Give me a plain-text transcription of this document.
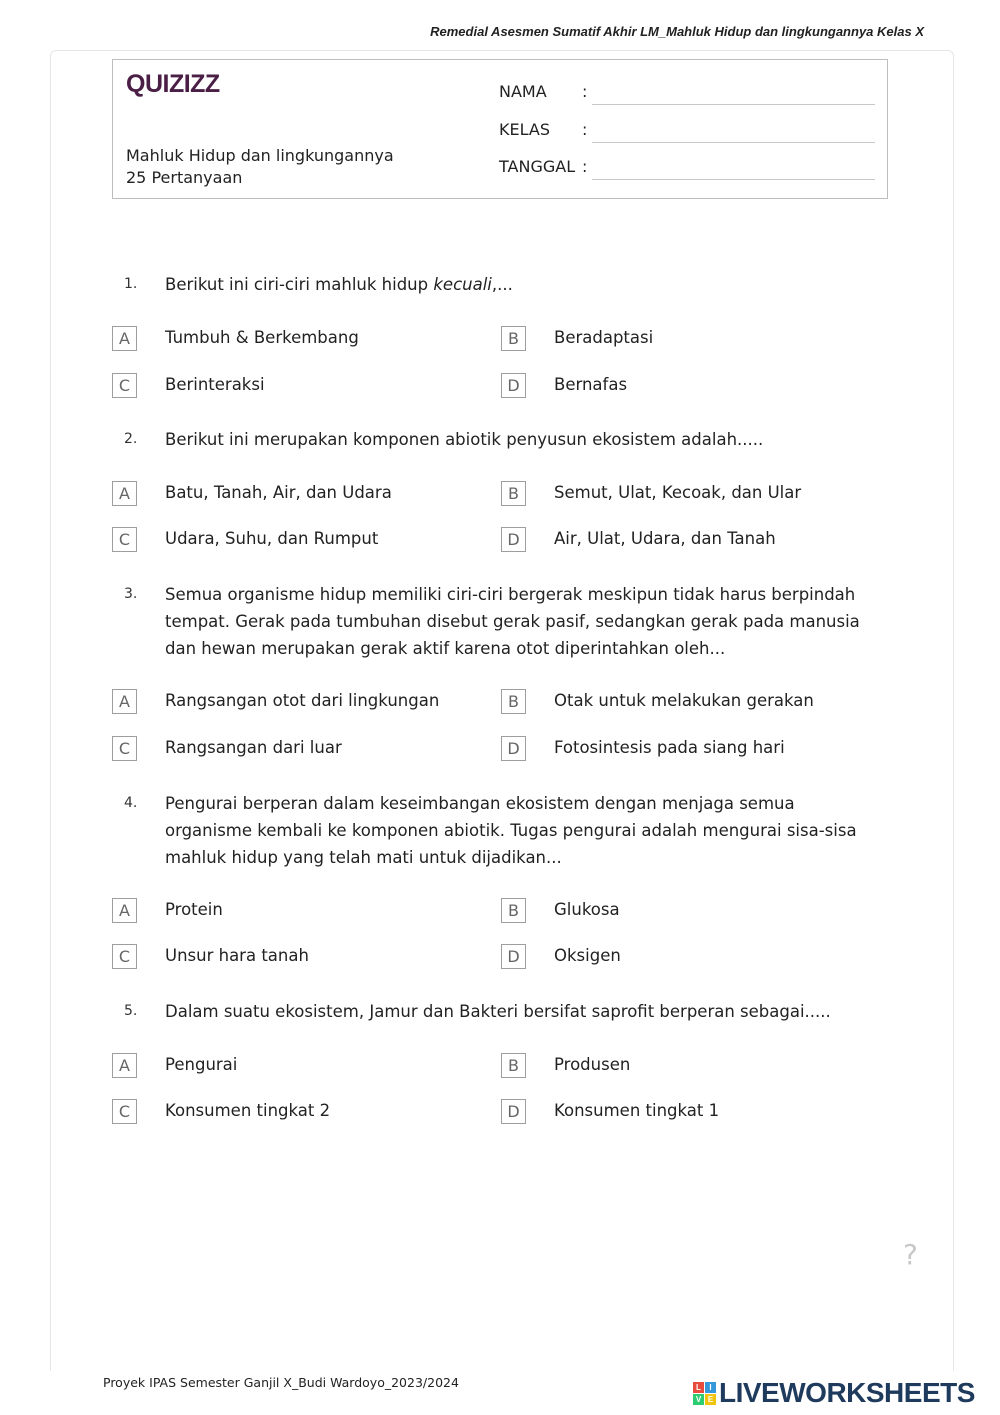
Remedial Asesmen Sumatif Akhir LM_Mahluk Hidup dan lingkungannya Kelas X
QUIZIZZ
Mahluk Hidup dan lingkungannya
25 Pertanyaan
NAMA :
KELAS :
TANGGAL :
1. Berikut ini ciri-ciri mahluk hidup kecuali,...
A	Tumbuh & Berkembang	B	Beradaptasi
C	Berinteraksi	D	Bernafas
2. Berikut ini merupakan komponen abiotik penyusun ekosistem adalah.....
A	Batu, Tanah, Air, dan Udara	B	Semut, Ulat, Kecoak, dan Ular
C	Udara, Suhu, dan Rumput	D	Air, Ulat, Udara, dan Tanah
3. Semua organisme hidup memiliki ciri-ciri bergerak meskipun tidak harus berpindah tempat. Gerak pada tumbuhan disebut gerak pasif, sedangkan gerak pada manusia dan hewan merupakan gerak aktif karena otot diperintahkan oleh...
A	Rangsangan otot dari lingkungan	B	Otak untuk melakukan gerakan
C	Rangsangan dari luar	D	Fotosintesis pada siang hari
4. Pengurai berperan dalam keseimbangan ekosistem dengan menjaga semua organisme kembali ke komponen abiotik. Tugas pengurai adalah mengurai sisa-sisa mahluk hidup yang telah mati untuk dijadikan...
A	Protein	B	Glukosa
C	Unsur hara tanah	D	Oksigen
5. Dalam suatu ekosistem, Jamur dan Bakteri bersifat saprofit berperan sebagai.....
A	Pengurai	B	Produsen
C	Konsumen tingkat 2	D	Konsumen tingkat 1
?
Proyek IPAS Semester Ganjil X_Budi Wardoyo_2023/2024	L	I
V E LIVEWORKSHEETS
